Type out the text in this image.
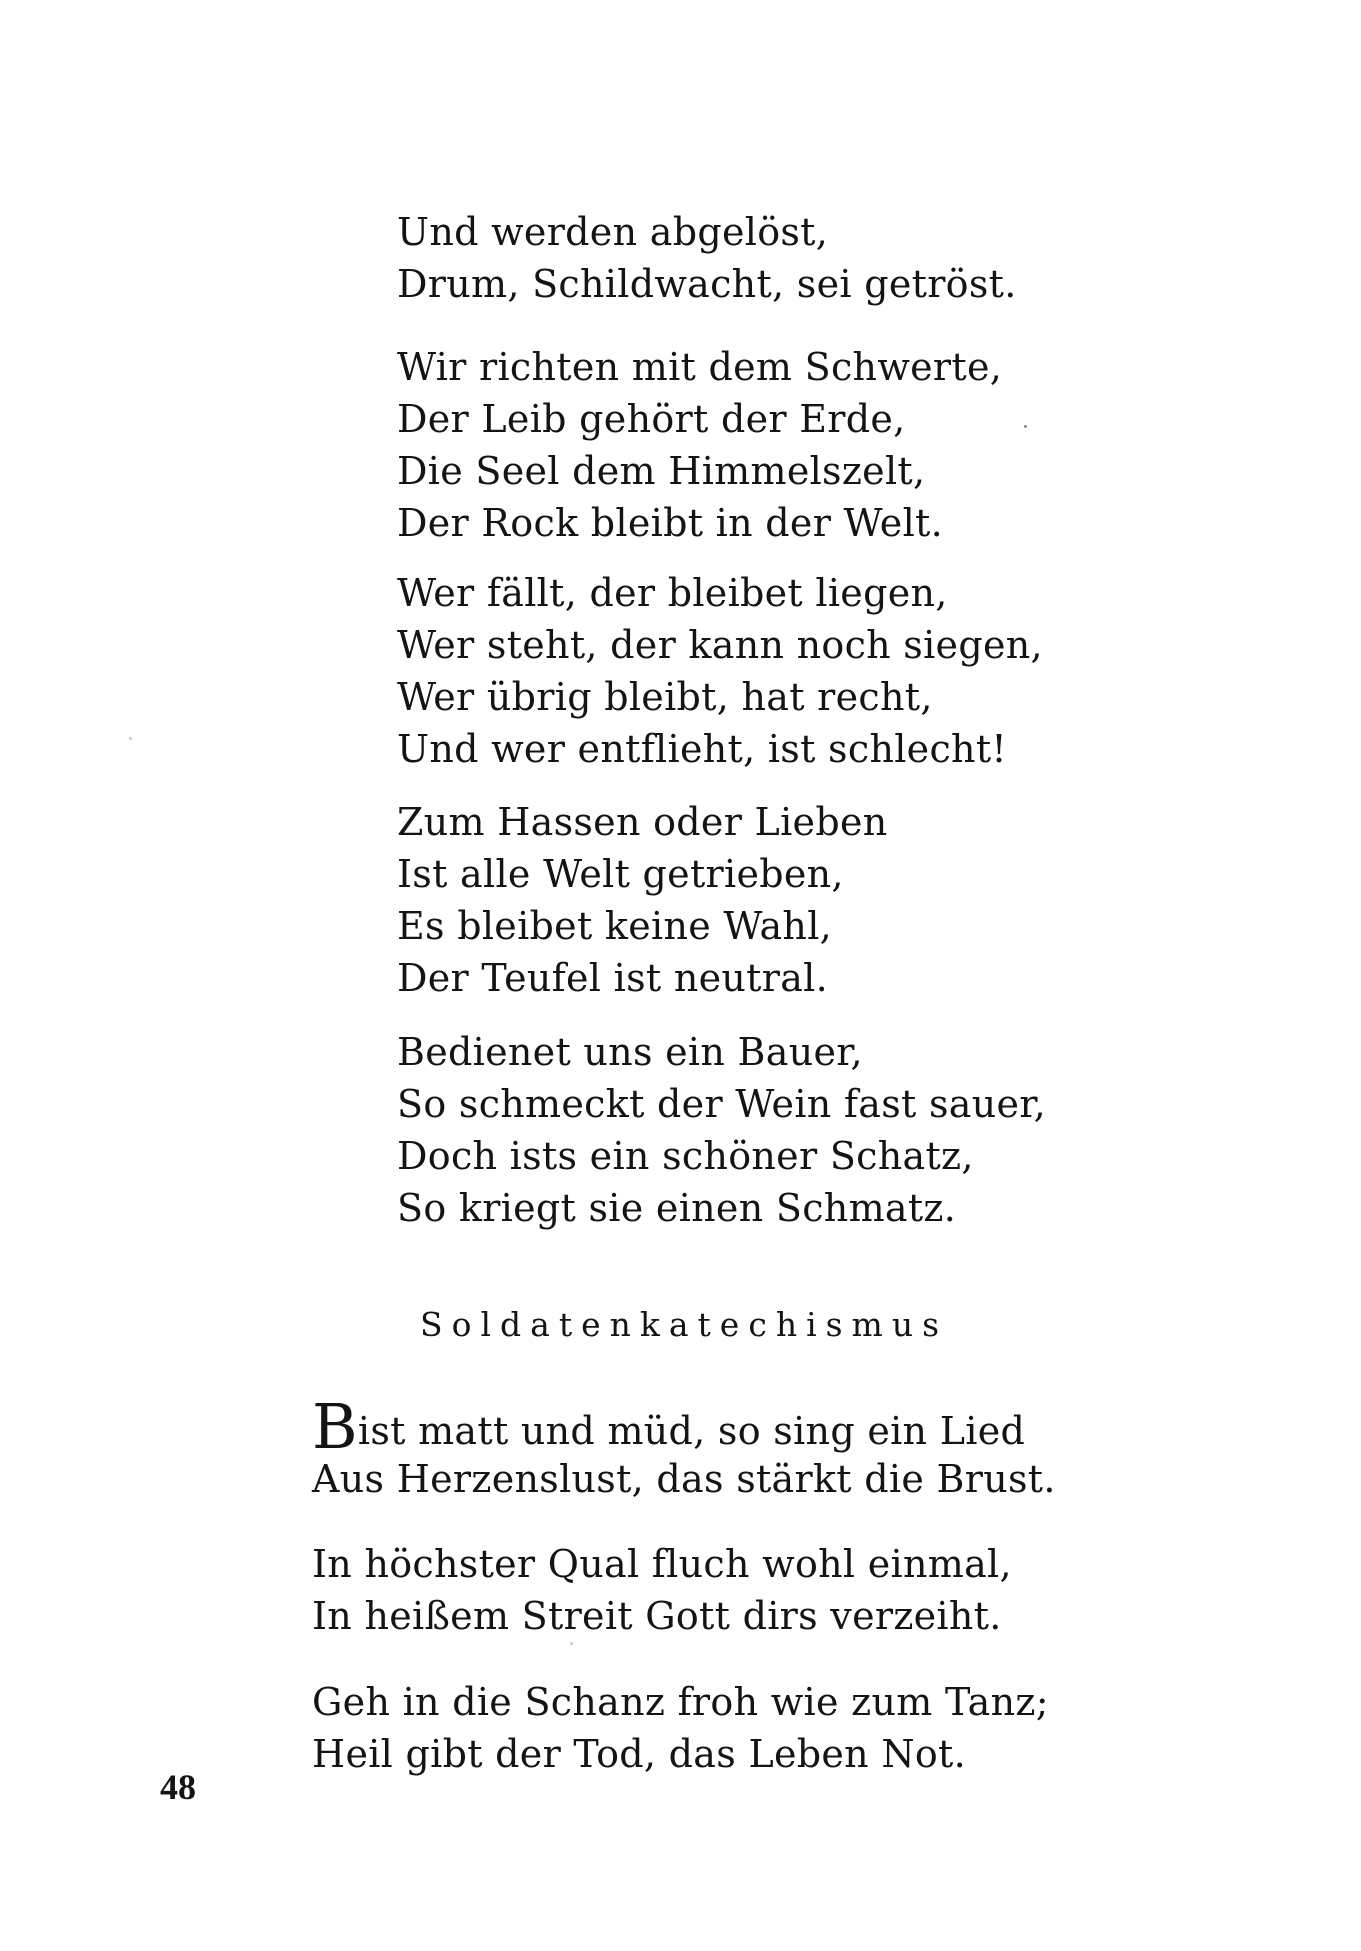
Und werden abgelöst,
Drum, Schildwacht, sei getröst.
Wir richten mit dem Schwerte,
Der Leib gehört der Erde,
Die Seel dem Himmelszelt,
Der Rock bleibt in der Welt.
Wer fällt, der bleibet liegen,
Wer steht, der kann noch siegen,
Wer übrig bleibt, hat recht,
Und wer entflieht, ist schlecht!
Zum Hassen oder Lieben
Ist alle Welt getrieben,
Es bleibet keine Wahl,
Der Teufel ist neutral.
Bedienet uns ein Bauer,
So schmeckt der Wein fast sauer,
Doch ists ein schöner Schatz,
So kriegt sie einen Schmatz.
Soldatenkatechismus
Bist matt und müd, so sing ein Lied
Aus Herzenslust, das stärkt die Brust.
In höchster Qual fluch wohl einmal,
In heißem Streit Gott dirs verzeiht.
Geh in die Schanz froh wie zum Tanz;
Heil gibt der Tod, das Leben Not.
48
